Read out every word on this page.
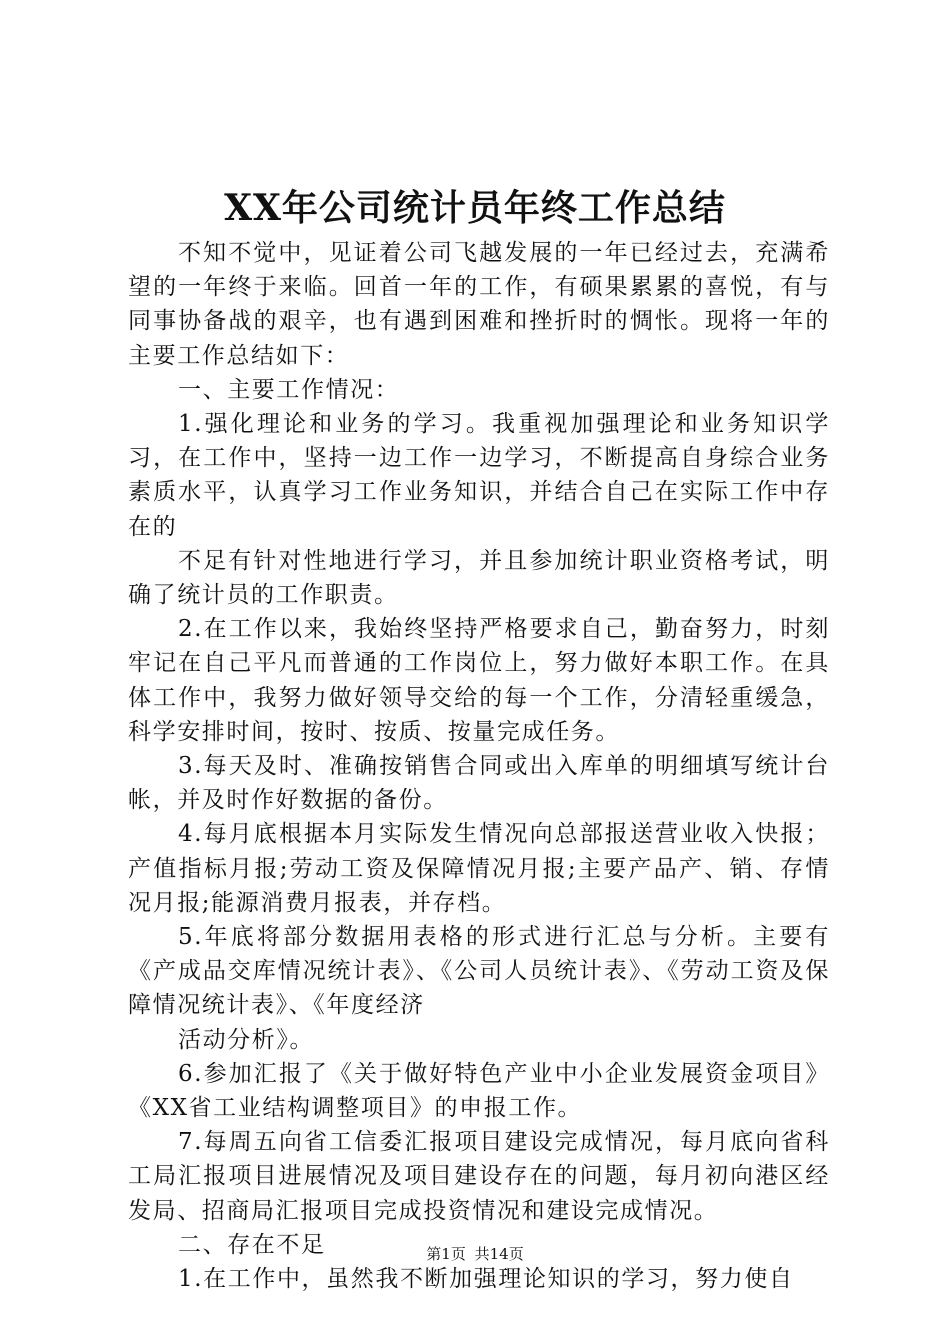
XX年公司统计员年终工作总结

不知不觉中，见证着公司飞越发展的一年已经过去，充满希望的一年终于来临。回首一年的工作，有硕果累累的喜悦，有与同事协备战的艰辛，也有遇到困难和挫折时的惆怅。现将一年的主要工作总结如下：

一、主要工作情况：

1.强化理论和业务的学习。我重视加强理论和业务知识学习，在工作中，坚持一边工作一边学习，不断提高自身综合业务素质水平，认真学习工作业务知识，并结合自己在实际工作中存在的

不足有针对性地进行学习，并且参加统计职业资格考试，明确了统计员的工作职责。

2.在工作以来，我始终坚持严格要求自己，勤奋努力，时刻牢记在自己平凡而普通的工作岗位上，努力做好本职工作。在具体工作中，我努力做好领导交给的每一个工作，分清轻重缓急，科学安排时间，按时、按质、按量完成任务。

3.每天及时、准确按销售合同或出入库单的明细填写统计台帐，并及时作好数据的备份。

4.每月底根据本月实际发生情况向总部报送营业收入快报；产值指标月报;劳动工资及保障情况月报;主要产品产、销、存情况月报;能源消费月报表，并存档。

5.年底将部分数据用表格的形式进行汇总与分析。主要有《产成品交库情况统计表》、《公司人员统计表》、《劳动工资及保障情况统计表》、《年度经济

活动分析》。

6.参加汇报了《关于做好特色产业中小企业发展资金项目》《XX省工业结构调整项目》的申报工作。

7.每周五向省工信委汇报项目建设完成情况，每月底向省科工局汇报项目进展情况及项目建设存在的问题，每月初向港区经发局、招商局汇报项目完成投资情况和建设完成情况。

二、存在不足

1.在工作中，虽然我不断加强理论知识的学习，努力使自

第1页 共14页
